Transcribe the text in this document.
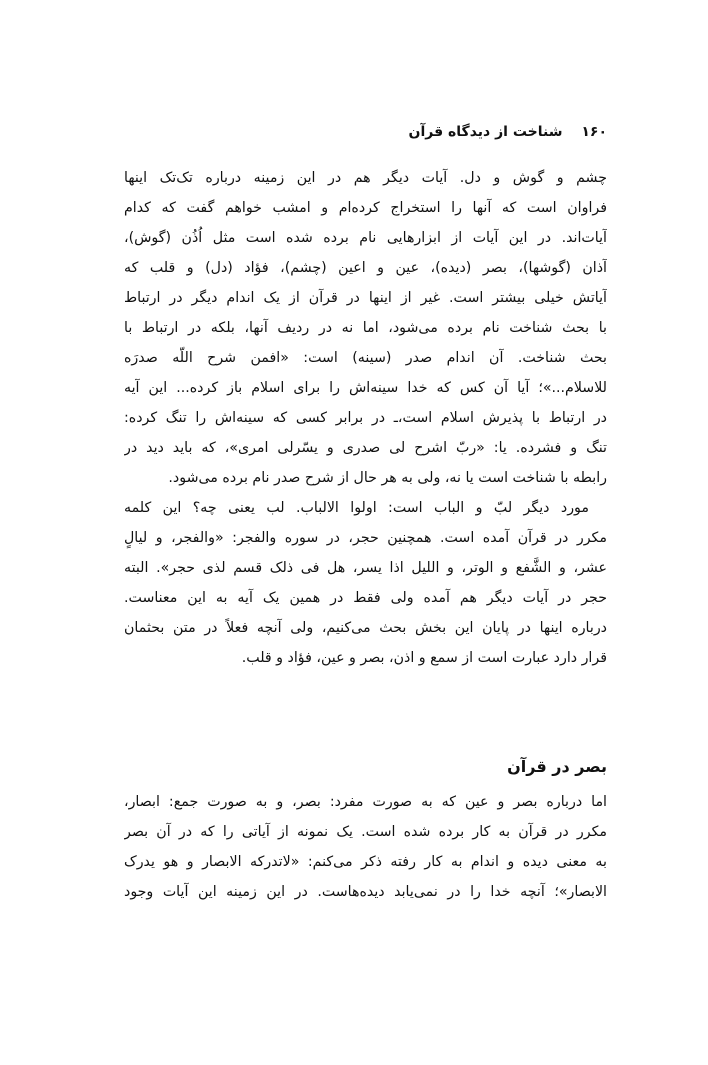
۱۶۰ شناخت از دیدگاه قرآن
چشم و گوش و دل. آیات دیگر هم در این زمینه درباره تک‌تک اینها
فراوان است که آنها را استخراج کرده‌ام و امشب خواهم گفت که کدام
آیات‌اند. در این آیات از ابزارهایی نام برده شده است مثل اُذُن (گوش)،
آذان (گوشها)، بصر (دیده)، عین و اعین (چشم)، فؤاد (دل) و قلب که
آیاتش خیلی بیشتر است. غیر از اینها در قرآن از یک اندام دیگر در ارتباط
با بحث شناخت نام برده می‌شود، اما نه در ردیف آنها، بلکه در ارتباط با
بحث شناخت. آن اندام صدر (سینه) است: «افمن شرح اللّه صدرَه
للاسلام...»؛ آیا آن کس که خدا سینه‌اش را برای اسلام باز کرده... این آیه
در ارتباط با پذیرش اسلام است،ـ در برابر کسی که سینه‌اش را تنگ کرده:
تنگ و فشرده. یا: «ربّ اشرح لی صدری و یسّرلی امری»، که باید دید در
رابطه با شناخت است یا نه، ولی به هر حال از شرح صدر نام برده می‌شود.
مورد دیگر لبّ و الباب است: اولوا الالباب. لب یعنی چه؟ این کلمه
مکرر در قرآن آمده است. همچنین حجر، در سوره والفجر: «والفجر، و لیالٍ
عشر، و الشَّفع و الوتر، و اللیل اذا یسر، هل فی ذلک قسم لذی حجر». البته
حجر در آیات دیگر هم آمده ولی فقط در همین یک آیه به این معناست.
درباره اینها در پایان این بخش بحث می‌کنیم، ولی آنچه فعلاً در متن بحثمان
قرار دارد عبارت است از سمع و اذن، بصر و عین، فؤاد و قلب.
بصر در قرآن
اما درباره بصر و عین که به صورت مفرد: بصر، و به صورت جمع: ابصار،
مکرر در قرآن به کار برده شده است. یک نمونه از آیاتی را که در آن بصر
به معنی دیده و اندام به کار رفته ذکر می‌کنم: «لاتدرکه الابصار و هو یدرک
الابصار»؛ آنچه خدا را در نمی‌یابد دیده‌هاست. در این زمینه این آیات وجود
